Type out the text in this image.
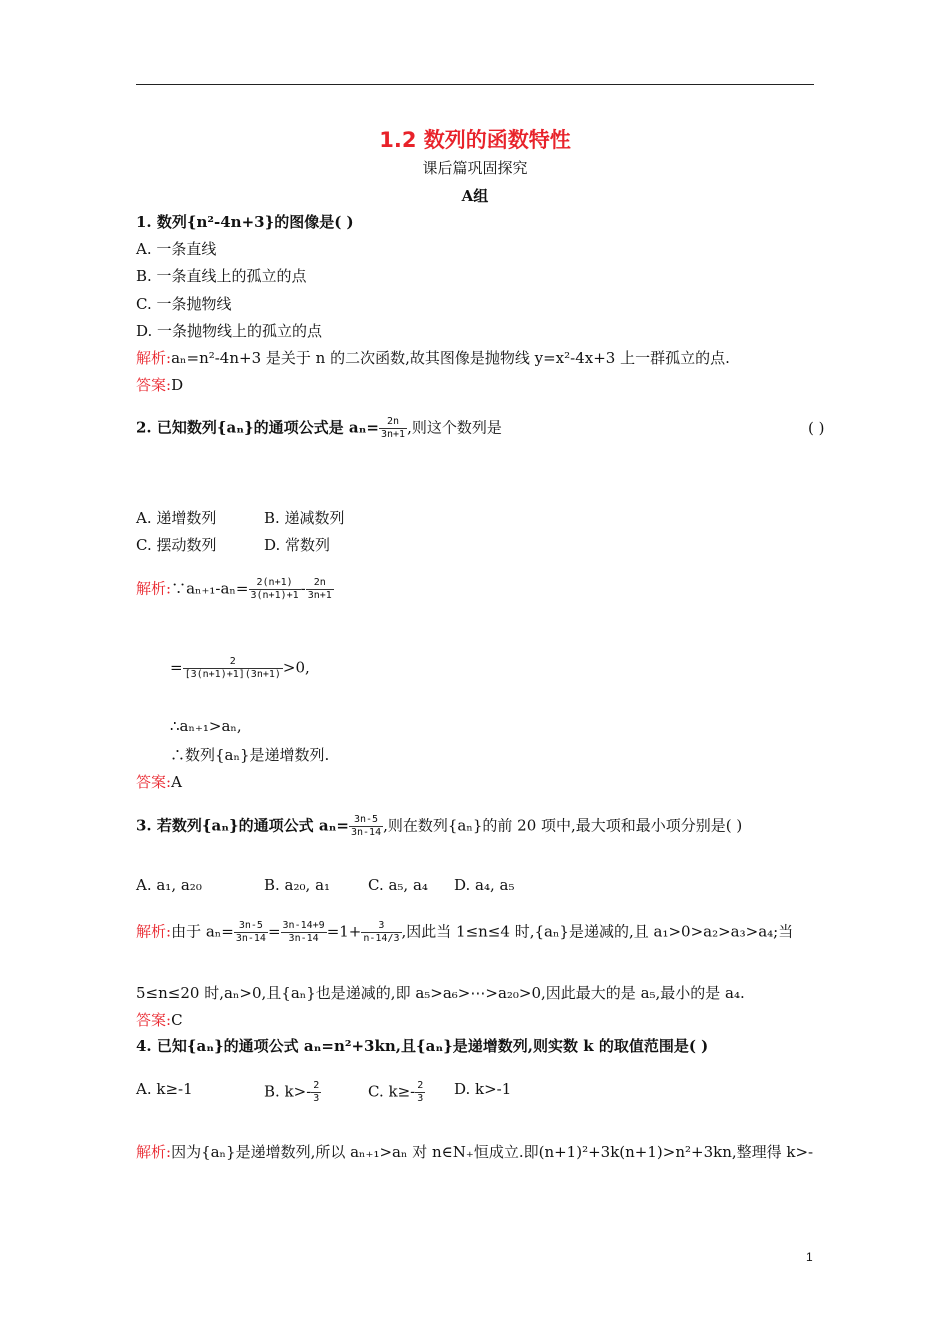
1.2 数列的函数特性
课后篇巩固探究
A组
1. 数列{n²-4n+3}的图像是( )
A. 一条直线
B. 一条直线上的孤立的点
C. 一条抛物线
D. 一条抛物线上的孤立的点
解析:aₙ=n²-4n+3 是关于 n 的二次函数,故其图像是抛物线 y=x²-4x+3 上一群孤立的点.
答案:D
2. 已知数列{aₙ}的通项公式是 $a_n= \frac{2n}{3n+1}$ ,则这个数列是	( )
A. 递增数列	B. 递减数列
C. 摆动数列	D. 常数列
解析:∵aₙ₊₁-aₙ= $\frac{2(n+1)}{3(n+1)+1} - \frac{2n}{3n+1}$
= $\frac{2}{[3(n+1)+1](3n+1)} >0$,
∴aₙ₊₁>aₙ,
∴数列{aₙ}是递增数列.
答案:A
3. 若数列{aₙ}的通项公式 $a_n= \frac{3n-5}{3n-14}$ ,则在数列{aₙ}的前 20 项中,最大项和最小项分别是( )
A. a₁, a₂₀	B. a₂₀, a₁	C. a₅, a₄ D. a₄, a₅
解析:由于 $a_n= \frac{3n-5}{3n-14} = \frac{3n-14+9}{3n-14} =1+ \frac{3}{n-14/3}$ ,因此当 1≤n≤4 时,{aₙ}是递减的,且 a₁>0>a₂>a₃>a₄;当
5≤n≤20 时,aₙ>0,且{aₙ}也是递减的,即 a₅>a₆>⋯>a₂₀>0,因此最大的是 a₅,最小的是 a₄.
答案:C
4. 已知{aₙ}的通项公式 aₙ=n²+3kn,且{aₙ}是递增数列,则实数 k 的取值范围是( )
A. k≥-1	B. $k>- \frac{2}{3}$	C. $k\ge- \frac{2}{3} D$. k>-1
解析:因为{aₙ}是递增数列,所以 aₙ₊₁>aₙ 对 n∈N₊恒成立.即(n+1)²+3k(n+1)>n²+3kn,整理得 k>-
1
